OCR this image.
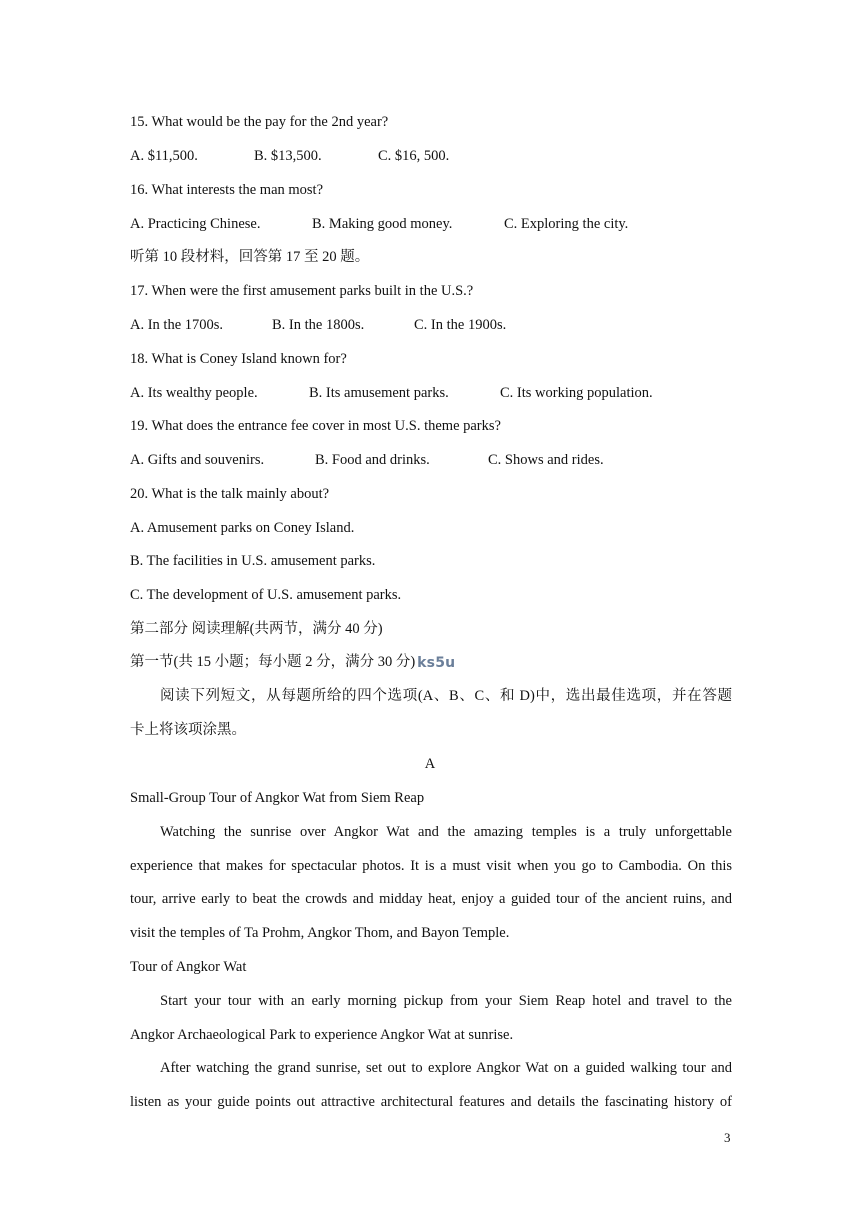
15. What would be the pay for the 2nd year?
A. $11,500.	B. $13,500.	C. $16, 500.
16. What interests the man most?
A. Practicing Chinese.	B. Making good money.	C. Exploring the city.
听第 10 段材料，回答第 17 至 20 题。
17. When were the first amusement parks built in the U.S.?
A. In the 1700s.	B. In the 1800s.	C. In the 1900s.
18. What is Coney Island known for?
A. Its wealthy people.	B. Its amusement parks.	C. Its working population.
19. What does the entrance fee cover in most U.S. theme parks?
A. Gifts and souvenirs.	B. Food and drinks.	C. Shows and rides.
20. What is the talk mainly about?
A. Amusement parks on Coney Island.
B. The facilities in U.S. amusement parks.
C. The development of U.S. amusement parks.
第二部分 阅读理解(共两节，满分 40 分)
第一节(共 15 小题；每小题 2 分，满分 30 分) ks5u
阅读下列短文，从每题所给的四个选项(A、B、C、和 D)中，选出最佳选项，并在答题
卡上将该项涂黑。
A
Small-Group Tour of Angkor Wat from Siem Reap
Watching the sunrise over Angkor Wat and the amazing temples is a truly unforgettable
experience that makes for spectacular photos. It is a must visit when you go to Cambodia. On this
tour, arrive early to beat the crowds and midday heat, enjoy a guided tour of the ancient ruins, and
visit the temples of Ta Prohm, Angkor Thom, and Bayon Temple.
Tour of Angkor Wat
Start your tour with an early morning pickup from your Siem Reap hotel and travel to the
Angkor Archaeological Park to experience Angkor Wat at sunrise.
After watching the grand sunrise, set out to explore Angkor Wat on a guided walking tour and
listen as your guide points out attractive architectural features and details the fascinating history of
3
